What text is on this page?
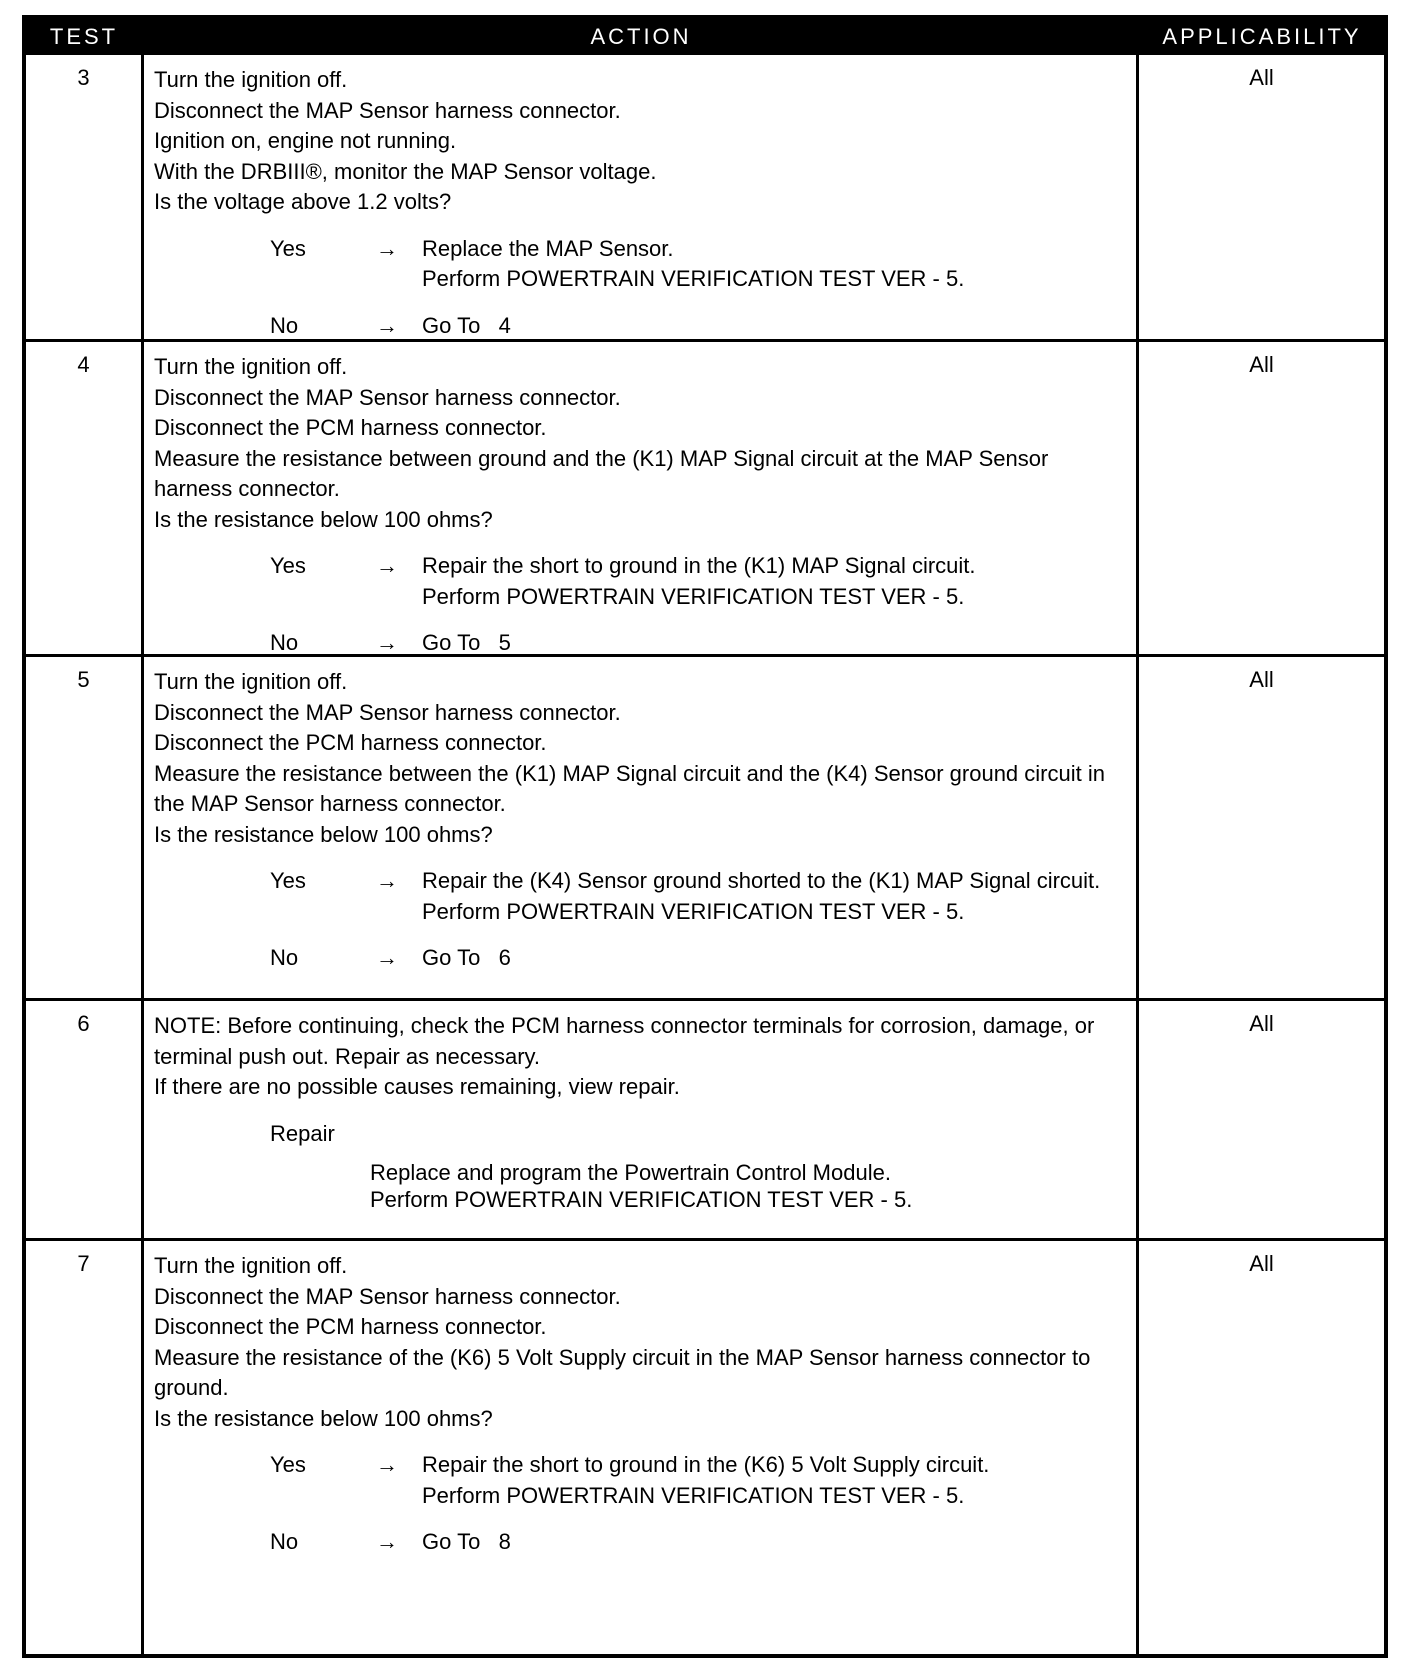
TEST	ACTION	APPLICABILITY
3	Turn the ignition off.
Disconnect the MAP Sensor harness connector.
Ignition on, engine not running.
With the DRBIII®, monitor the MAP Sensor voltage.
Is the voltage above 1.2 volts?
Yes	→	Replace the MAP Sensor.
Perform POWERTRAIN VERIFICATION TEST VER - 5.
No	→	Go To   4
All
4	Turn the ignition off.
Disconnect the MAP Sensor harness connector.
Disconnect the PCM harness connector.
Measure the resistance between ground and the (K1) MAP Signal circuit at the MAP Sensor harness connector.
Is the resistance below 100 ohms?
Yes	→	Repair the short to ground in the (K1) MAP Signal circuit.
Perform POWERTRAIN VERIFICATION TEST VER - 5.
No	→	Go To   5
All
5	Turn the ignition off.
Disconnect the MAP Sensor harness connector.
Disconnect the PCM harness connector.
Measure the resistance between the (K1) MAP Signal circuit and the (K4) Sensor ground circuit in the MAP Sensor harness connector.
Is the resistance below 100 ohms?
Yes	→	Repair the (K4) Sensor ground shorted to the (K1) MAP Signal circuit.
Perform POWERTRAIN VERIFICATION TEST VER - 5.
No	→	Go To   6
All
6	NOTE: Before continuing, check the PCM harness connector terminals for corrosion, damage, or terminal push out. Repair as necessary.
If there are no possible causes remaining, view repair.
Repair
Replace and program the Powertrain Control Module.
Perform POWERTRAIN VERIFICATION TEST VER - 5.
All
7	Turn the ignition off.
Disconnect the MAP Sensor harness connector.
Disconnect the PCM harness connector.
Measure the resistance of the (K6) 5 Volt Supply circuit in the MAP Sensor harness connector to ground.
Is the resistance below 100 ohms?
Yes	→	Repair the short to ground in the (K6) 5 Volt Supply circuit.
Perform POWERTRAIN VERIFICATION TEST VER - 5.
No	→	Go To   8
All
